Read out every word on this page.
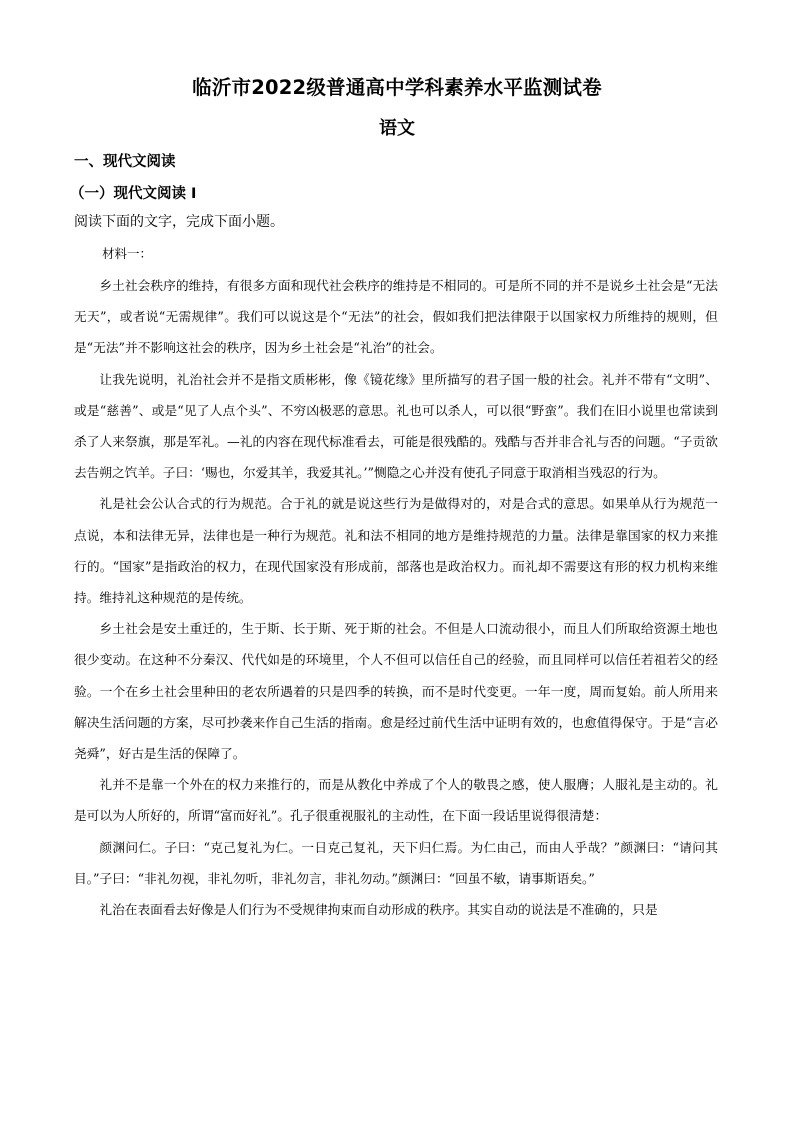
临沂市2022级普通高中学科素养水平监测试卷
语文
一、现代文阅读
（一）现代文阅读 I
阅读下面的文字，完成下面小题。
材料一：

乡土社会秩序的维持，有很多方面和现代社会秩序的维持是不相同的。可是所不同的并不是说乡土社会是“无法无天”，或者说“无需规律”。我们可以说这是个“无法”的社会，假如我们把法律限于以国家权力所维持的规则，但是“无法”并不影响这社会的秩序，因为乡土社会是“礼治”的社会。

让我先说明，礼治社会并不是指文质彬彬，像《镜花缘》里所描写的君子国一般的社会。礼并不带有“文明”、或是“慈善”、或是“见了人点个头”、不穷凶极恶的意思。礼也可以杀人，可以很“野蛮”。我们在旧小说里也常读到杀了人来祭旗，那是军礼。—礼的内容在现代标准看去，可能是很残酷的。残酷与否并非合礼与否的问题。“子贡欲去告朔之饩羊。子曰：‘赐也，尔爱其羊，我爱其礼。’”恻隐之心并没有使孔子同意于取消相当残忍的行为。

礼是社会公认合式的行为规范。合于礼的就是说这些行为是做得对的，对是合式的意思。如果单从行为规范一点说，本和法律无异，法律也是一种行为规范。礼和法不相同的地方是维持规范的力量。法律是靠国家的权力来推行的。“国家”是指政治的权力，在现代国家没有形成前，部落也是政治权力。而礼却不需要这有形的权力机构来维持。维持礼这种规范的是传统。

乡土社会是安土重迁的，生于斯、长于斯、死于斯的社会。不但是人口流动很小，而且人们所取给资源土地也很少变动。在这种不分秦汉、代代如是的环境里，个人不但可以信任自己的经验，而且同样可以信任若祖若父的经验。一个在乡土社会里种田的老农所遇着的只是四季的转换，而不是时代变更。一年一度，周而复始。前人所用来解决生活问题的方案，尽可抄袭来作自己生活的指南。愈是经过前代生活中证明有效的，也愈值得保守。于是“言必尧舜”，好古是生活的保障了。

礼并不是靠一个外在的权力来推行的，而是从教化中养成了个人的敬畏之感，使人服膺；人服礼是主动的。礼是可以为人所好的，所谓“富而好礼”。孔子很重视服礼的主动性，在下面一段话里说得很清楚：

颜渊问仁。子曰：“克己复礼为仁。一日克己复礼，天下归仁焉。为仁由己，而由人乎哉？”颜渊曰：“请问其目。”子曰：“非礼勿视，非礼勿听，非礼勿言，非礼勿动。”颜渊曰：“回虽不敏，请事斯语矣。”

礼治在表面看去好像是人们行为不受规律拘束而自动形成的秩序。其实自动的说法是不准确的，只是
